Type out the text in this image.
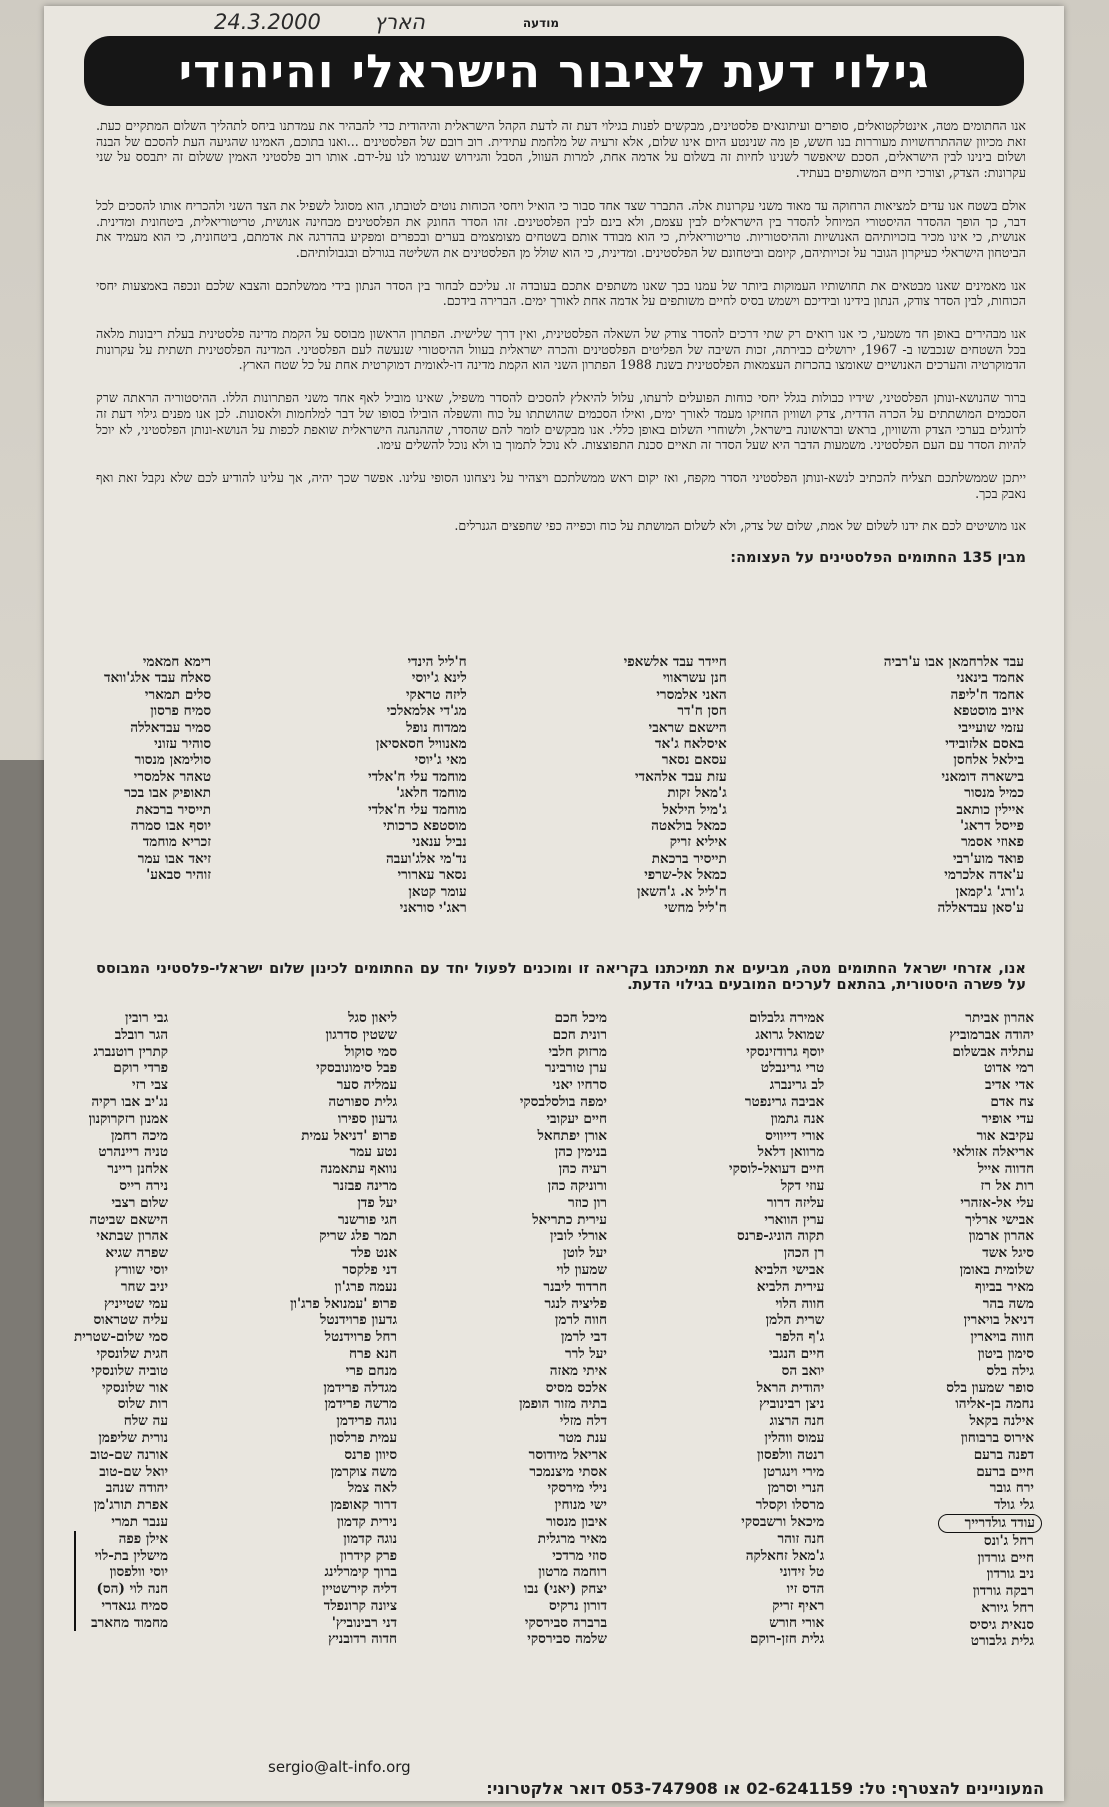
24.3.2000	הארץ	מודעה
גילוי דעת לציבור הישראלי והיהודי

אנו החתומים מטה, אינטלקטואלים, סופרים ועיתונאים פלסטינים, מבקשים לפנות בגילוי דעת זה לדעת הקהל הישראלית והיהודית כדי להבהיר את עמדתנו ביחס לתהליך השלום המתקיים כעת. זאת מכיוון שההתרחשויות מעוררות בנו חשש, פן מה שנינטע היום אינו שלום, אלא זרעיה של מלחמת עתידית. רוב רובם של הפלסטינים ...ואנו בתוכם, האמינו שהגיעה העת להסכם של הבנה ושלום בינינו לבין הישראלים, הסכם שיאפשר לשנינו לחיות זה בשלום על אדמה אחת, למרות העוול, הסבל והגירוש שנגרמו לנו על-ידם. אותו רוב פלסטיני האמין ששלום זה יתבסס על שני עקרונות: הצדק, וצורכי חיים המשותפים בעתיד.

אולם בשטח אנו עדים למציאות הרחוקה עד מאוד משני עקרונות אלה. התברר שצד אחד סבור כי הואיל ויחסי הכוחות נוטים לטובתו, הוא מסוגל לשפיל את הצד השני ולהכריח אותו להסכים לכל דבר, כך הופך ההסדר ההיסטורי המיוחל להסדר בין הישראלים לבין עצמם, ולא בינם לבין הפלסטינים. זהו הסדר החונק את הפלסטינים מבחינה אנושית, טריטוריאלית, ביטחונית ומדינית. אנושית, כי אינו מכיר בזכויותיהם האנושיות וההיסטוריות. טריטוריאלית, כי הוא מבודד אותם בשטחים מצומצמים בערים ובכפרים ומפקיע בהדרגה את אדמתם, ביטחונית, כי הוא מעמיד את הביטחון הישראלי כעיקרון הגובר על זכויותיהם, קיומם וביטחונם של הפלסטינים. ומדינית, כי הוא שולל מן הפלסטינים את השליטה בגורלם ובגבולותיהם.

אנו מאמינים שאנו מבטאים את תחושותיו העמוקות ביותר של עמנו בכך שאנו משתפים אתכם בעובדה זו. עליכם לבחור בין הסדר הנתון בידי ממשלתכם והצבא שלכם ונכפה באמצעות יחסי הכוחות, לבין הסדר צודק, הנתון בידינו ובידיכם וישמש בסיס לחיים משותפים על אדמה אחת לאורך ימים. הברירה בידכם.

אנו מבהירים באופן חד משמעי, כי אנו רואים רק שתי דרכים להסדר צודק של השאלה הפלסטינית, ואין דרך שלישית. הפתרון הראשון מבוסס על הקמת מדינה פלסטינית בעלת ריבונות מלאה בכל השטחים שנכבשו ב- 1967, ירושלים כבירתה, זכות השיבה של הפליטים הפלסטינים והכרה ישראלית בעוול ההיסטורי שנעשה לעם הפלסטיני. המדינה הפלסטינית תשתית על עקרונות הדמוקרטיה והערכים האנושיים שאומצו בהכרזת העצמאות הפלסטינית בשנת 1988 הפתרון השני הוא הקמת מדינה דו-לאומית דמוקרטית אחת על כל שטח הארץ.

ברור שהנושא-ונותן הפלסטיני, שידיו כבולות בגלל יחסי כוחות הפועלים לרעתו, עלול להיאלץ להסכים להסדר משפיל, שאינו מוביל לאף אחד משני הפתרונות הללו. ההיסטוריה הראתה שרק הסכמים המושתתים על הכרה הדדית, צדק ושוויון החזיקו מעמד לאורך ימים, ואילו הסכמים שהושתתו על כוח והשפלה הובילו בסופו של דבר למלחמות ולאסונות. לכן אנו מפנים גילוי דעת זה לדוגלים בערכי הצדק והשוויון, בראש ובראשונה בישראל, ולשוחרי השלום באופן כללי. אנו מבקשים לומר להם שהסדר, שההנהגה הישראלית שואפת לכפות על הנושא-ונותן הפלסטיני, לא יוכל להיות הסדר עם העם הפלסטיני. משמעות הדבר היא שעל הסדר זה תאיים סכנת התפוצצות. לא נוכל לתמוך בו ולא נוכל להשלים עימו.

ייתכן שממשלתכם תצליח להכתיב לנשא-ונותן הפלסטיני הסדר מקפח, ואז יקום ראש ממשלתכם ויצהיר על ניצחונו הסופי עלינו. אפשר שכך יהיה, אך עלינו להודיע לכם שלא נקבל זאת ואף נאבק בכך.

אנו מושיטים לכם את ידנו לשלום של אמת, שלום של צדק, ולא לשלום המושתת על כוח וכפייה כפי שחפצים הגנרלים.

מבין 135 החתומים הפלסטינים על העצומה:
עבד אלרחמאן אבו ע'רביה
אחמד בינאני
אחמד ח'ליפה
איוב מוסטפא
עזמי שועייבי
באסם אלזובידי
בילאל אלחסן
בישארה דומאני
כמיל מנסור
איילין כותאב
פייסל דראג'
פאוזי אסמר
פואד מוע'רבי
ע'אדה אלכרמי
ג'ורג' ג'קמאן
ע'סאן עבדאללה
חיידר עבד אלשאפי
חנן עשראווי
האני אלמסרי
חסן ח'דר
הישאם שראבי
איסלאח ג'אד
עסאם נסאר
עזת עבד אלהאדי
ג'מאל זקות
ג'מיל הילאל
כמאל בולאטה
איליא זריק
תייסיר ברכאת
כמאל אל-שרפי
ח'ליל א. ג'השאן
ח'ליל מחשי
ח'ליל הינדי
לינא ג'יוסי
ליזה טראקי
מג'די אלמאלכי
ממדוח נופל
מאנוויל חסאסיאן
מאי ג'יוסי
מוחמד עלי ח'אלדי
מוחמד חלאג'
מוחמד עלי ח'אלדי
מוסטפא כרכותי
נביל ענאני
נד'מי אלג'ועבה
נסאר עארורי
עומר קטאן
ראג'י סוראני
רימא חמאמי
סאלח עבד אלג'וואד
סלים תמארי
סמיח פרסון
סמיר עבדאללה
סוהיר עזוני
סולימאן מנסור
טאהר אלמסרי
תאופיק אבו בכר
תייסיר ברכאת
יוסף אבו סמרה
זכריא מוחמד
זיאד אבו עמר
זוהיר סבאע'
אנו, אזרחי ישראל החתומים מטה, מביעים את תמיכתנו בקריאה זו ומוכנים לפעול יחד עם החתומים לכינון שלום ישראלי-פלסטיני המבוסס על פשרה היסטורית, בהתאם לערכים המובעים בגילוי הדעת.
אהרון אביתר
יהודה אברמוביץ
עתליה אבשלום
רמי אדוט
אדי אדיב
צח אדם
עדי אופיר
עקיבא אור
אריאלה אזולאי
חדווה אייל
רות אל רז
עלי אל-אזהרי
אבישי ארליך
אהרון ארמון
סיגל אשד
שלומית באומן
מאיר בביוף
משה בהר
דניאל בויארין
חווה בויארין
סימון ביטון
גילה בלס
סופר שמעון בלס
נחמה בן-אליהו
אילנה בקאל
אירוס ברבוחון
דפנה ברעם
חיים ברעם
ירח גובר
גלי גולד
עודד גולדרייך
רחל ג'ונס
חיים גורדון
ניב גורדון
רבקה גורדון
רחל גיורא
סנאית גיסיס
גלית גלבורט
אמירה גלבלום
שמואל גרואג
יוסף גרודזינסקי
טרי גרינבלט
לב גרינברג
אביבה גרינפטר
אנה גתמון
אורי דייוויס
מרוואן דלאל
חיים דעואל-לוסקי
עוזי דקל
עליזה דרור
ערין הווארי
תקוה הוניג-פרנס
רן הכהן
אבישי הלביא
עירית הלביא
חווה הלוי
שרית הלמן
ג'ף הלפר
חיים הנגבי
יואב הס
יהודית הראל
ניצן רבינוביץ
חנה הרצוג
עמוס ווהלין
רנטה וולפסון
מירי וינגרטן
הנרי וסרמן
מרסלו וקסלר
מיכאל ורשבסקי
חנה זוהר
ג'מאל זחאלקה
טל זידוני
הדס זיו
ראיף זריק
אורי חורש
גלית חזן-רוקם
מיכל חכם
רונית חכם
מרזוק חלבי
ערן טורבינר
סרחיו יאני
ימפה בולסלבסקי
חיים יעקובי
אורן יפתחאל
בנימין כהן
רעיה כהן
ורוניקה כהן
רון כוזר
עירית כתריאל
אורלי לובין
יעל לוטן
שמעון לוי
חרדוד ליבנר
פליציה לנגר
חווה לרמן
דבי לרמן
יעל לרר
איתי מאזה
אלכס מסיס
בתיה מזור הופמן
דלה מזלי
ענת מטר
אריאל מיודוסר
אסתי מיצנמכר
נילי מירסקי
ישי מנוחין
איבון מנסור
מאיר מרגלית
סוזי מרדכי
רוחמה מרטון
יצחק (יאני) נבו
דורון נרקיס
ברברה סבירסקי
שלמה סבירסקי
ליאון סגל
ששטין סדרגון
סמי סוקול
פבל סימונובסקי
עמליה סער
גלית ספורטה
גדעון ספירו
פרופ 'דניאל עמית
נטע עמר
נוואף עתאמנה
מרינה פבזנר
יעל פדן
חגי פורשנר
תמר פלג שריק
אנט פלד
דני פלקסר
נעמה פרג'ון
פרופ 'עמנואל פרג'ון
גדעון פרוידנטל
רחל פרוידנטל
חנא פרח
מנחם פרי
מגדלה פרידמן
מרשה פרידמן
נוגה פרידמן
עמית פרלסון
סיוון פרנס
משה צוקרמן
לאה צמל
דרור קאופמן
נירית קדמון
נוגה קדמון
פרק קידרון
ברוך קימרלינג
דליה קירשטיין
ציונה קרונפלד
דני רבינוביץ'
חדוה רדובניץ
גבי רובין
הגר רובלב
קתרין רוטנברג
פרדי רוקם
צבי רזי
נג'יב אבו רקיה
אמנון רזקרוקנון
מיכה רחמן
טניה ריינהרט
אלחנן ריינר
נירה רייס
שלום רצבי
הישאם שביטה
אהרון שבתאי
שפרה שגיא
יוסי שוורץ
יניב שחר
עמי שטייניץ
עליה שטראוס
סמי שלום-שטרית
חגית שלונסקי
טוביה שלונסקי
אור שלונסקי
רות שלוס
עה שלח
נורית שליפמן
אורנה שם-טוב
יואל שם-טוב
יהודה שנהב
אפרת תורג'מן
ענבר תמרי
אילן פפה
מישלין בת-לוי
יוסי וולפסון
חנה לוי (הס)
סמיח גנאדרי
מחמוד מחארב
המעוניינים להצטרף: טל: 02-6241159 או 053-747908 דואר אלקטרוני:
sergio@alt-info.org
